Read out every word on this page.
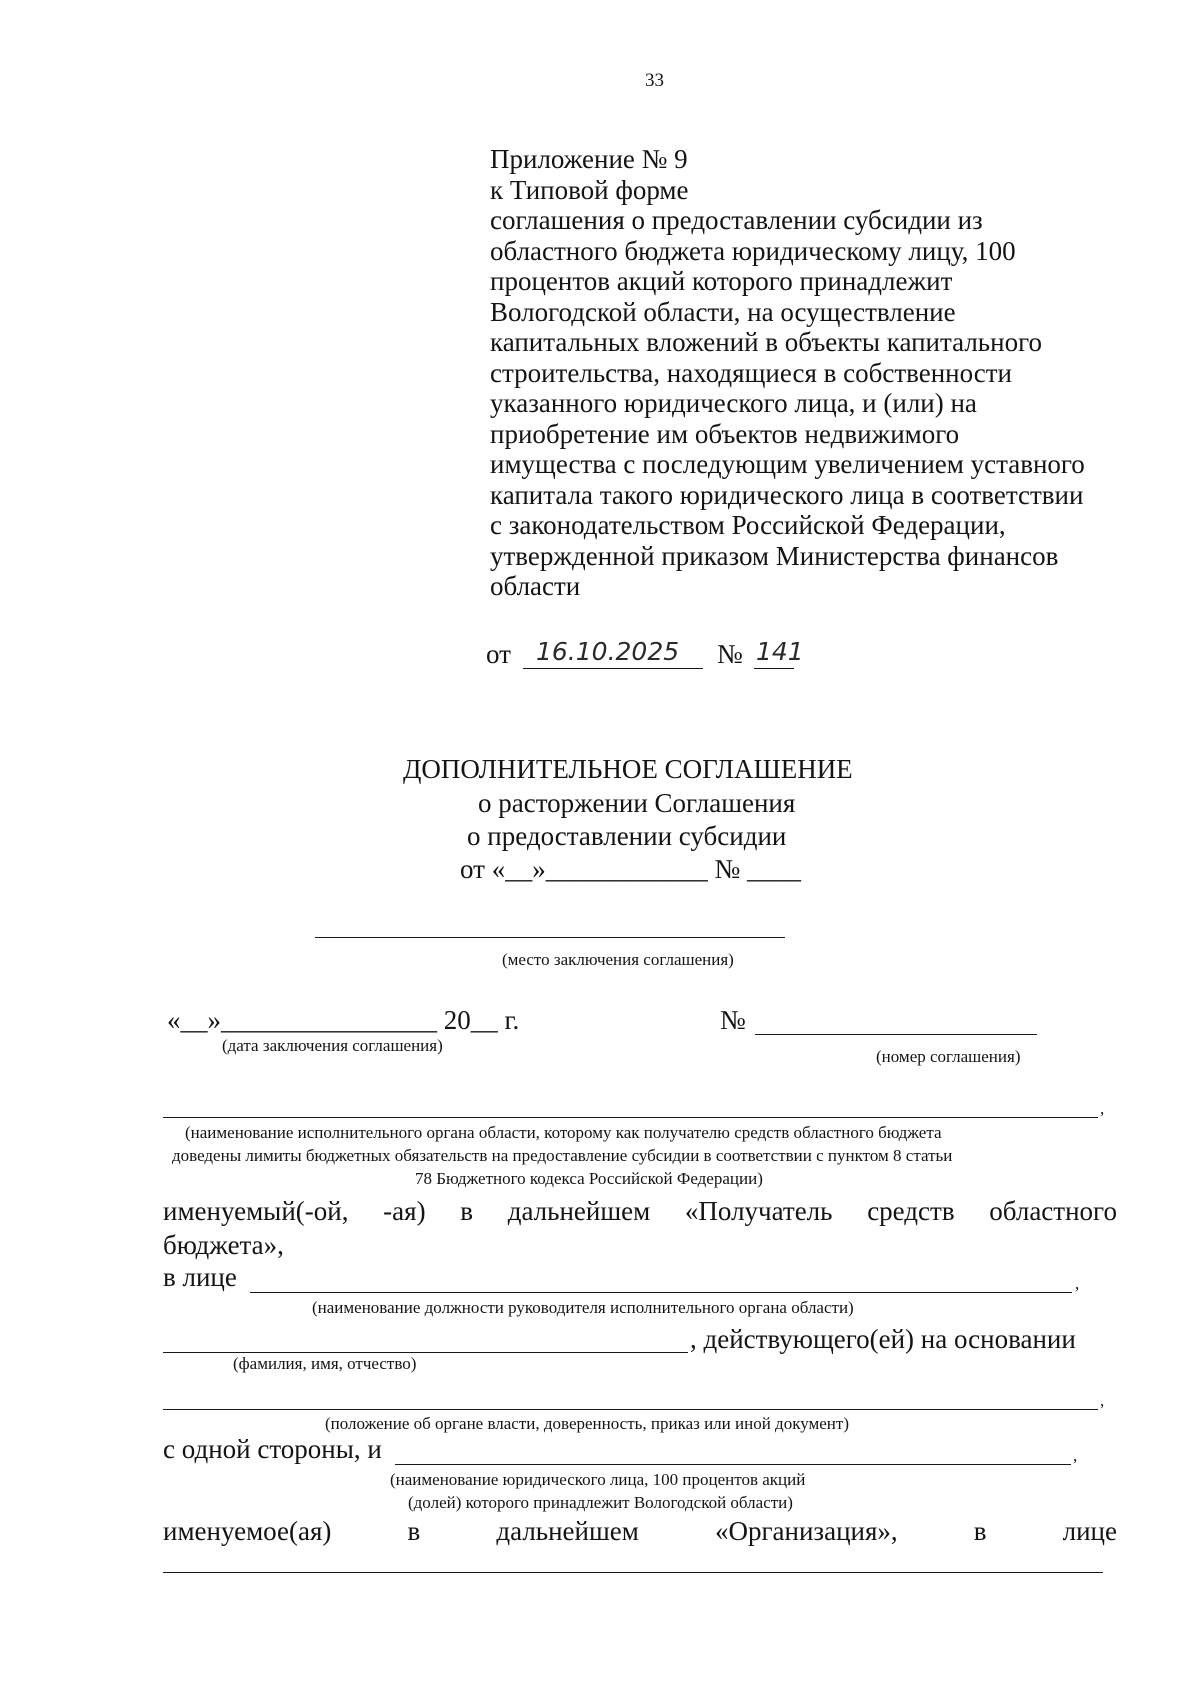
33
Приложение № 9
к Типовой форме
соглашения о предоставлении субсидии из
областного бюджета юридическому лицу, 100
процентов акций которого принадлежит
Вологодской области, на осуществление
капитальных вложений в объекты капитального
строительства, находящиеся в собственности
указанного юридического лица, и (или) на
приобретение им объектов недвижимого
имущества с последующим увеличением уставного
капитала такого юридического лица в соответствии
с законодательством Российской Федерации,
утвержденной приказом Министерства финансов
области
от 16.10.2025 № 141
ДОПОЛНИТЕЛЬНОЕ СОГЛАШЕНИЕ
о расторжении Соглашения
о предоставлении субсидии
от «__»____________ № ____
(место заключения соглашения)
«__»________________ 20__ г.
(дата заключения соглашения)
№
(номер соглашения)
,
(наименование исполнительного органа области, которому как получателю средств областного бюджета
доведены лимиты бюджетных обязательств на предоставление субсидии в соответствии с пунктом 8 статьи
78 Бюджетного кодекса Российской Федерации)
именуемый(-ой, -ая) в дальнейшем «Получатель средств областного
бюджета»,
в лице	,
(наименование должности руководителя исполнительного органа области)
, действующего(ей) на основании
(фамилия, имя, отчество)
,
(положение об органе власти, доверенность, приказ или иной документ)
с одной стороны, и	,
(наименование юридического лица, 100 процентов акций
(долей) которого принадлежит Вологодской области)
именуемое(ая)	в	дальнейшем	«Организация»,	в	лице
